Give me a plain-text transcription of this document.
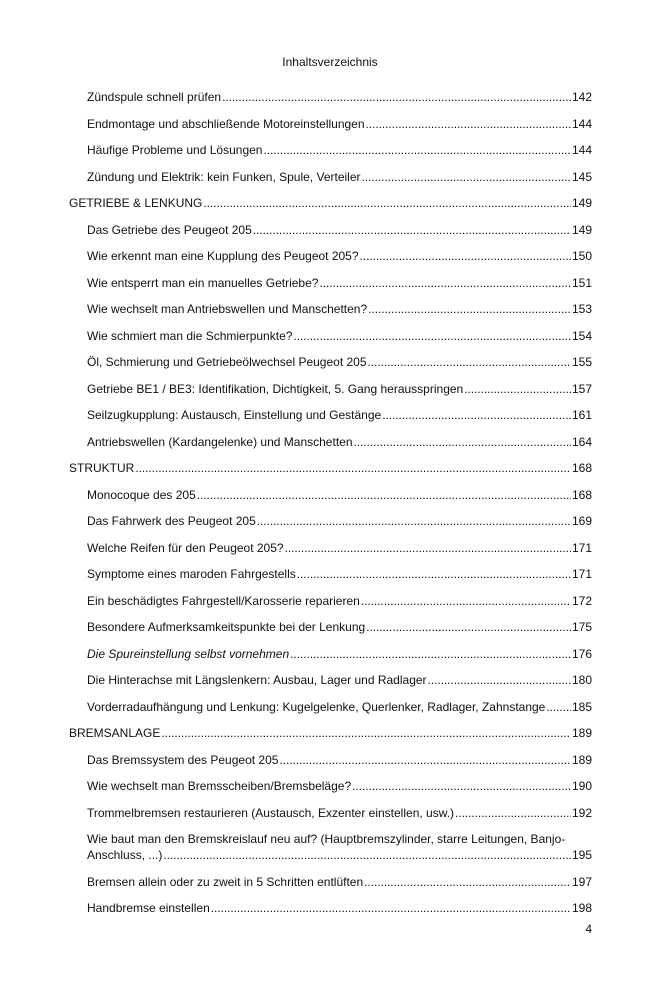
Inhaltsverzeichnis
Zündspule schnell prüfen . . .	142
Endmontage und abschließende Motoreinstellungen . . .	144
Häufige Probleme und Lösungen . . .	144
Zündung und Elektrik: kein Funken, Spule, Verteiler . . .	145
GETRIEBE & LENKUNG . . .	149
Das Getriebe des Peugeot 205 . . .	149
Wie erkennt man eine Kupplung des Peugeot 205? . . .	150
Wie entsperrt man ein manuelles Getriebe? . . .	151
Wie wechselt man Antriebswellen und Manschetten? . . .	153
Wie schmiert man die Schmierpunkte? . . .	154
Öl, Schmierung und Getriebeölwechsel Peugeot 205 . . .	155
Getriebe BE1 / BE3: Identifikation, Dichtigkeit, 5. Gang herausspringen . . .	157
Seilzugkupplung: Austausch, Einstellung und Gestänge . . .	161
Antriebswellen (Kardangelenke) und Manschetten . . .	164
STRUKTUR . . .	168
Monocoque des 205 . . .	168
Das Fahrwerk des Peugeot 205 . . .	169
Welche Reifen für den Peugeot 205? . . .	171
Symptome eines maroden Fahrgestells . . .	171
Ein beschädigtes Fahrgestell/Karosserie reparieren . . .	172
Besondere Aufmerksamkeitspunkte bei der Lenkung . . .	175
Die Spureinstellung selbst vornehmen . . .	176
Die Hinterachse mit Längslenkern: Ausbau, Lager und Radlager . . .	180
Vorderradaufhängung und Lenkung: Kugelgelenke, Querlenker, Radlager, Zahnstange . . . 185
BREMSANLAGE . . .	189
Das Bremssystem des Peugeot 205 . . .	189
Wie wechselt man Bremsscheiben/Bremsbeläge? . . .	190
Trommelbremsen restaurieren (Austausch, Exzenter einstellen, usw.) . . .	192
Wie baut man den Bremskreislauf neu auf? (Hauptbremszylinder, starre Leitungen, Banjo-
Anschluss, ...) . . .	195
Bremsen allein oder zu zweit in 5 Schritten entlüften . . .	197
Handbremse einstellen . . .	198
4
